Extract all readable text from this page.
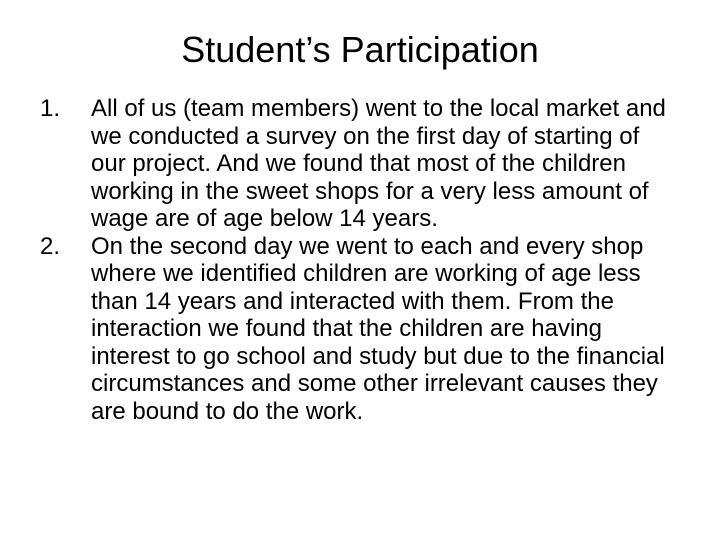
Student’s Participation
1. All of us (team members) went to the local market and we conducted a survey on the first day of starting of our project. And we found that most of the children working in the sweet shops for a very less amount of wage are of age below 14 years.
2. On the second day we went to each and every shop where we identified children are working of age less than 14 years and interacted with them. From the interaction we found that the children are having interest to go school and study but due to the financial circumstances and some other irrelevant causes they are bound to do the work.
